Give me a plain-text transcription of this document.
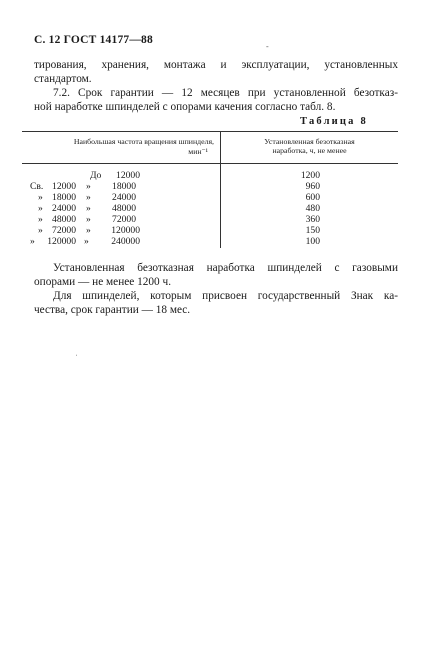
С. 12 ГОСТ 14177—88
-
тирования, хранения, монтажа и эксплуатации, установленных
стандартом.
7.2. Срок гарантии — 12 месяцев при установленной безотказ-
ной наработке шпинделей с опорами качения согласно табл. 8.
Таблица 8
Наибольшая частота вращения шпинделя,
мин⁻¹
Установленная безотказная
наработка, ч, не менее
До	12000	1200
Св. 12000 »	18000	960
» 18000 »	24000	600
» 24000 »	48000	480
» 48000 »	72000	360
» 72000 »	120000	150
»	120000 »	240000	100
Установленная безотказная наработка шпинделей с газовыми
опорами — не менее 1200 ч.
Для шпинделей, которым присвоен государственный Знак ка-
чества, срок гарантии — 18 мес.
ˌ
